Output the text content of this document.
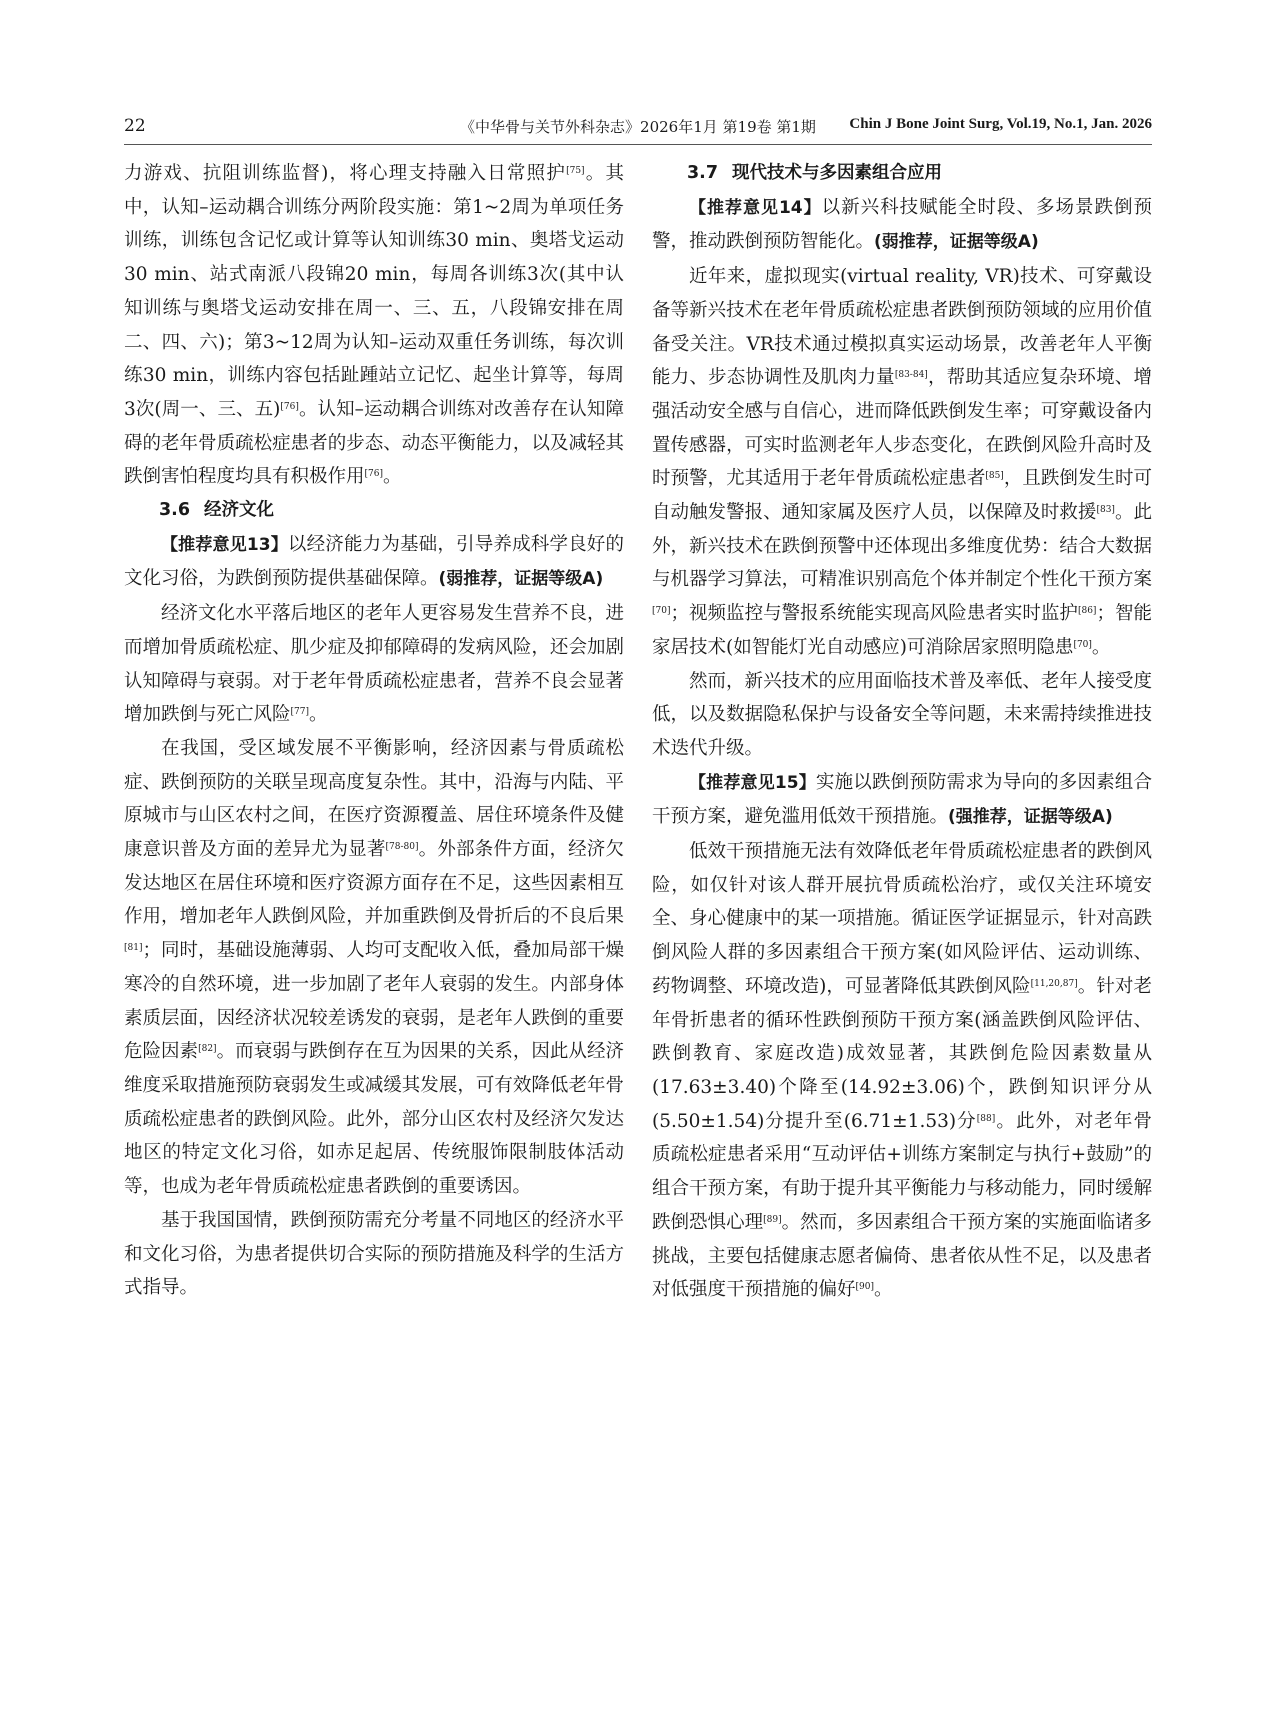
22	《中华骨与关节外科杂志》2026年1月 第19卷 第1期	Chin J Bone Joint Surg, Vol.19, No.1, Jan. 2026

力游戏、抗阻训练监督)，将心理支持融入日常照护[75]。其中，认知–运动耦合训练分两阶段实施：第1~2周为单项任务训练，训练包含记忆或计算等认知训练30 min、奥塔戈运动30 min、站式南派八段锦20 min，每周各训练3次(其中认知训练与奥塔戈运动安排在周一、三、五，八段锦安排在周二、四、六)；第3~12周为认知–运动双重任务训练，每次训练30 min，训练内容包括趾踵站立记忆、起坐计算等，每周3次(周一、三、五)[76]。认知–运动耦合训练对改善存在认知障碍的老年骨质疏松症患者的步态、动态平衡能力，以及减轻其跌倒害怕程度均具有积极作用[76]。

3.6 经济文化

【推荐意见13】以经济能力为基础，引导养成科学良好的文化习俗，为跌倒预防提供基础保障。(弱推荐，证据等级A)

经济文化水平落后地区的老年人更容易发生营养不良，进而增加骨质疏松症、肌少症及抑郁障碍的发病风险，还会加剧认知障碍与衰弱。对于老年骨质疏松症患者，营养不良会显著增加跌倒与死亡风险[77]。

在我国，受区域发展不平衡影响，经济因素与骨质疏松症、跌倒预防的关联呈现高度复杂性。其中，沿海与内陆、平原城市与山区农村之间，在医疗资源覆盖、居住环境条件及健康意识普及方面的差异尤为显著[78-80]。外部条件方面，经济欠发达地区在居住环境和医疗资源方面存在不足，这些因素相互作用，增加老年人跌倒风险，并加重跌倒及骨折后的不良后果[81]；同时，基础设施薄弱、人均可支配收入低，叠加局部干燥寒冷的自然环境，进一步加剧了老年人衰弱的发生。内部身体素质层面，因经济状况较差诱发的衰弱，是老年人跌倒的重要危险因素[82]。而衰弱与跌倒存在互为因果的关系，因此从经济维度采取措施预防衰弱发生或减缓其发展，可有效降低老年骨质疏松症患者的跌倒风险。此外，部分山区农村及经济欠发达地区的特定文化习俗，如赤足起居、传统服饰限制肢体活动等，也成为老年骨质疏松症患者跌倒的重要诱因。

基于我国国情，跌倒预防需充分考量不同地区的经济水平和文化习俗，为患者提供切合实际的预防措施及科学的生活方式指导。

3.7 现代技术与多因素组合应用

【推荐意见14】以新兴科技赋能全时段、多场景跌倒预警，推动跌倒预防智能化。(弱推荐，证据等级A)

近年来，虚拟现实(virtual reality, VR)技术、可穿戴设备等新兴技术在老年骨质疏松症患者跌倒预防领域的应用价值备受关注。VR技术通过模拟真实运动场景，改善老年人平衡能力、步态协调性及肌肉力量[83-84]，帮助其适应复杂环境、增强活动安全感与自信心，进而降低跌倒发生率；可穿戴设备内置传感器，可实时监测老年人步态变化，在跌倒风险升高时及时预警，尤其适用于老年骨质疏松症患者[85]，且跌倒发生时可自动触发警报、通知家属及医疗人员，以保障及时救援[83]。此外，新兴技术在跌倒预警中还体现出多维度优势：结合大数据与机器学习算法，可精准识别高危个体并制定个性化干预方案[70]；视频监控与警报系统能实现高风险患者实时监护[86]；智能家居技术(如智能灯光自动感应)可消除居家照明隐患[70]。

然而，新兴技术的应用面临技术普及率低、老年人接受度低，以及数据隐私保护与设备安全等问题，未来需持续推进技术迭代升级。

【推荐意见15】实施以跌倒预防需求为导向的多因素组合干预方案，避免滥用低效干预措施。(强推荐，证据等级A)

低效干预措施无法有效降低老年骨质疏松症患者的跌倒风险，如仅针对该人群开展抗骨质疏松治疗，或仅关注环境安全、身心健康中的某一项措施。循证医学证据显示，针对高跌倒风险人群的多因素组合干预方案(如风险评估、运动训练、药物调整、环境改造)，可显著降低其跌倒风险[11,20,87]。针对老年骨折患者的循环性跌倒预防干预方案(涵盖跌倒风险评估、跌倒教育、家庭改造)成效显著，其跌倒危险因素数量从(17.63±3.40)个降至(14.92±3.06)个，跌倒知识评分从(5.50±1.54)分提升至(6.71±1.53)分[88]。此外，对老年骨质疏松症患者采用“互动评估+训练方案制定与执行+鼓励”的组合干预方案，有助于提升其平衡能力与移动能力，同时缓解跌倒恐惧心理[89]。然而，多因素组合干预方案的实施面临诸多挑战，主要包括健康志愿者偏倚、患者依从性不足，以及患者对低强度干预措施的偏好[90]。
